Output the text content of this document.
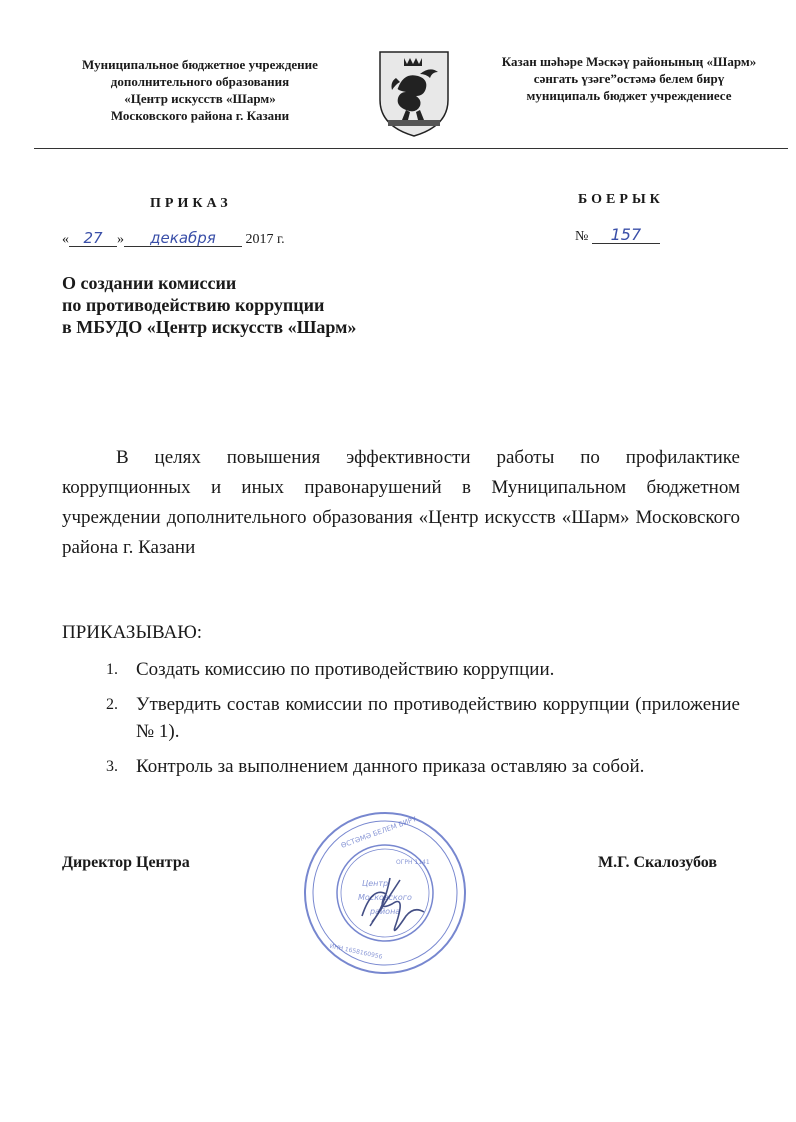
Муниципальное бюджетное учреждение
дополнительного образования
«Центр искусств «Шарм»
Московского района г. Казани
Казан шәһәре Мәскәү районының «Шарм»
сәнгать үзәге”остәмә белем бирү
муниципаль бюджет учреждениесе
ПРИКАЗ	БОЕРЫК
« 27 » декабря 2017 г.	№ 157
О создании комиссии
по противодействию коррупции
в МБУДО «Центр искусств «Шарм»
В целях повышения эффективности работы по профилактике коррупционных и иных правонарушений в Муниципальном бюджетном учреждении дополнительного образования «Центр искусств «Шарм» Московского района г. Казани
ПРИКАЗЫВАЮ:
1. Создать комиссию по противодействию коррупции.
2. Утвердить состав комиссии по противодействию коррупции (приложение № 1).
3. Контроль за выполнением данного приказа оставляю за собой.
Директор Центра
ӨСТӘМӘ БЕЛЕМ БИРҮ
ОГРН 1141
ИНН 1658160956
Центр
Московского
района
М.Г. Скалозубов
